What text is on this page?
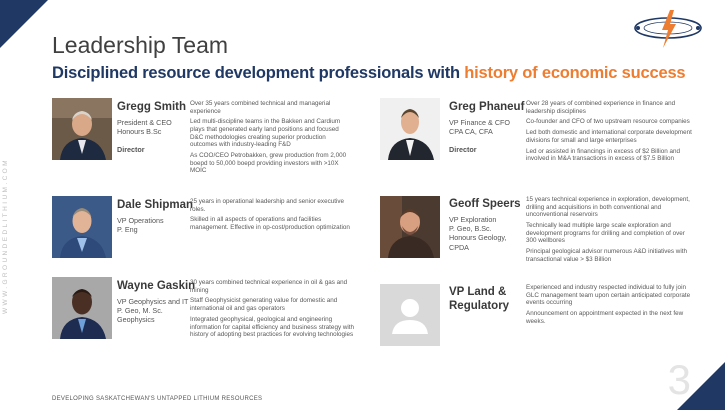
WWW.GROUNDEDLITHIUM.COM
Leadership Team
Disciplined resource development professionals with history of economic success
Gregg Smith
President & CEO
Honours B.Sc
Director

Over 35 years combined technical and managerial experience

Led multi-discipline teams in the Bakken and Cardium plays that generated early land positions and focused D&C methodologies creating superior production outcomes with industry-leading F&D

As COO/CEO Petrobakken, grew production from 2,000 boepd to 50,000 boepd providing investors with >10X MOIC

Greg Phaneuf
VP Finance & CFO
CPA CA, CFA
Director

Over 28 years of combined experience in finance and leadership disciplines

Co-founder and CFO of two upstream resource companies

Led both domestic and international corporate development divisions for small and large enterprises

Led or assisted in financings in excess of $2 Billion and involved in M&A transactions in excess of $7.5 Billion

Dale Shipman
VP Operations
P. Eng

25 years in operational leadership and senior executive roles.

Skilled in all aspects of operations and facilities management. Effective in op-cost/production optimization

Geoff Speers
VP Exploration
P. Geo, B.Sc.
Honours Geology,
CPDA

15 years technical experience in exploration, development, drilling and acquisitions in both conventional and unconventional reservoirs

Technically lead multiple large scale exploration and development programs for drilling and completion of over 300 wellbores

Principal geological advisor numerous A&D initiatives with transactional value > $3 Billion

Wayne Gaskin
VP Geophysics and IT
P. Geo, M. Sc.
Geophysics

30 years combined technical experience in oil & gas and mining

Staff Geophysicist generating value for domestic and international oil and gas operators

Integrated geophysical, geological and engineering information for capital efficiency and business strategy with history of adopting best practices for evolving technologies

VP Land &
Regulatory

Experienced and industry respected individual to fully join GLC management team upon certain anticipated corporate events occurring

Announcement on appointment expected in the next few weeks.

3
DEVELOPING SASKATCHEWAN'S UNTAPPED LITHIUM RESOURCES
